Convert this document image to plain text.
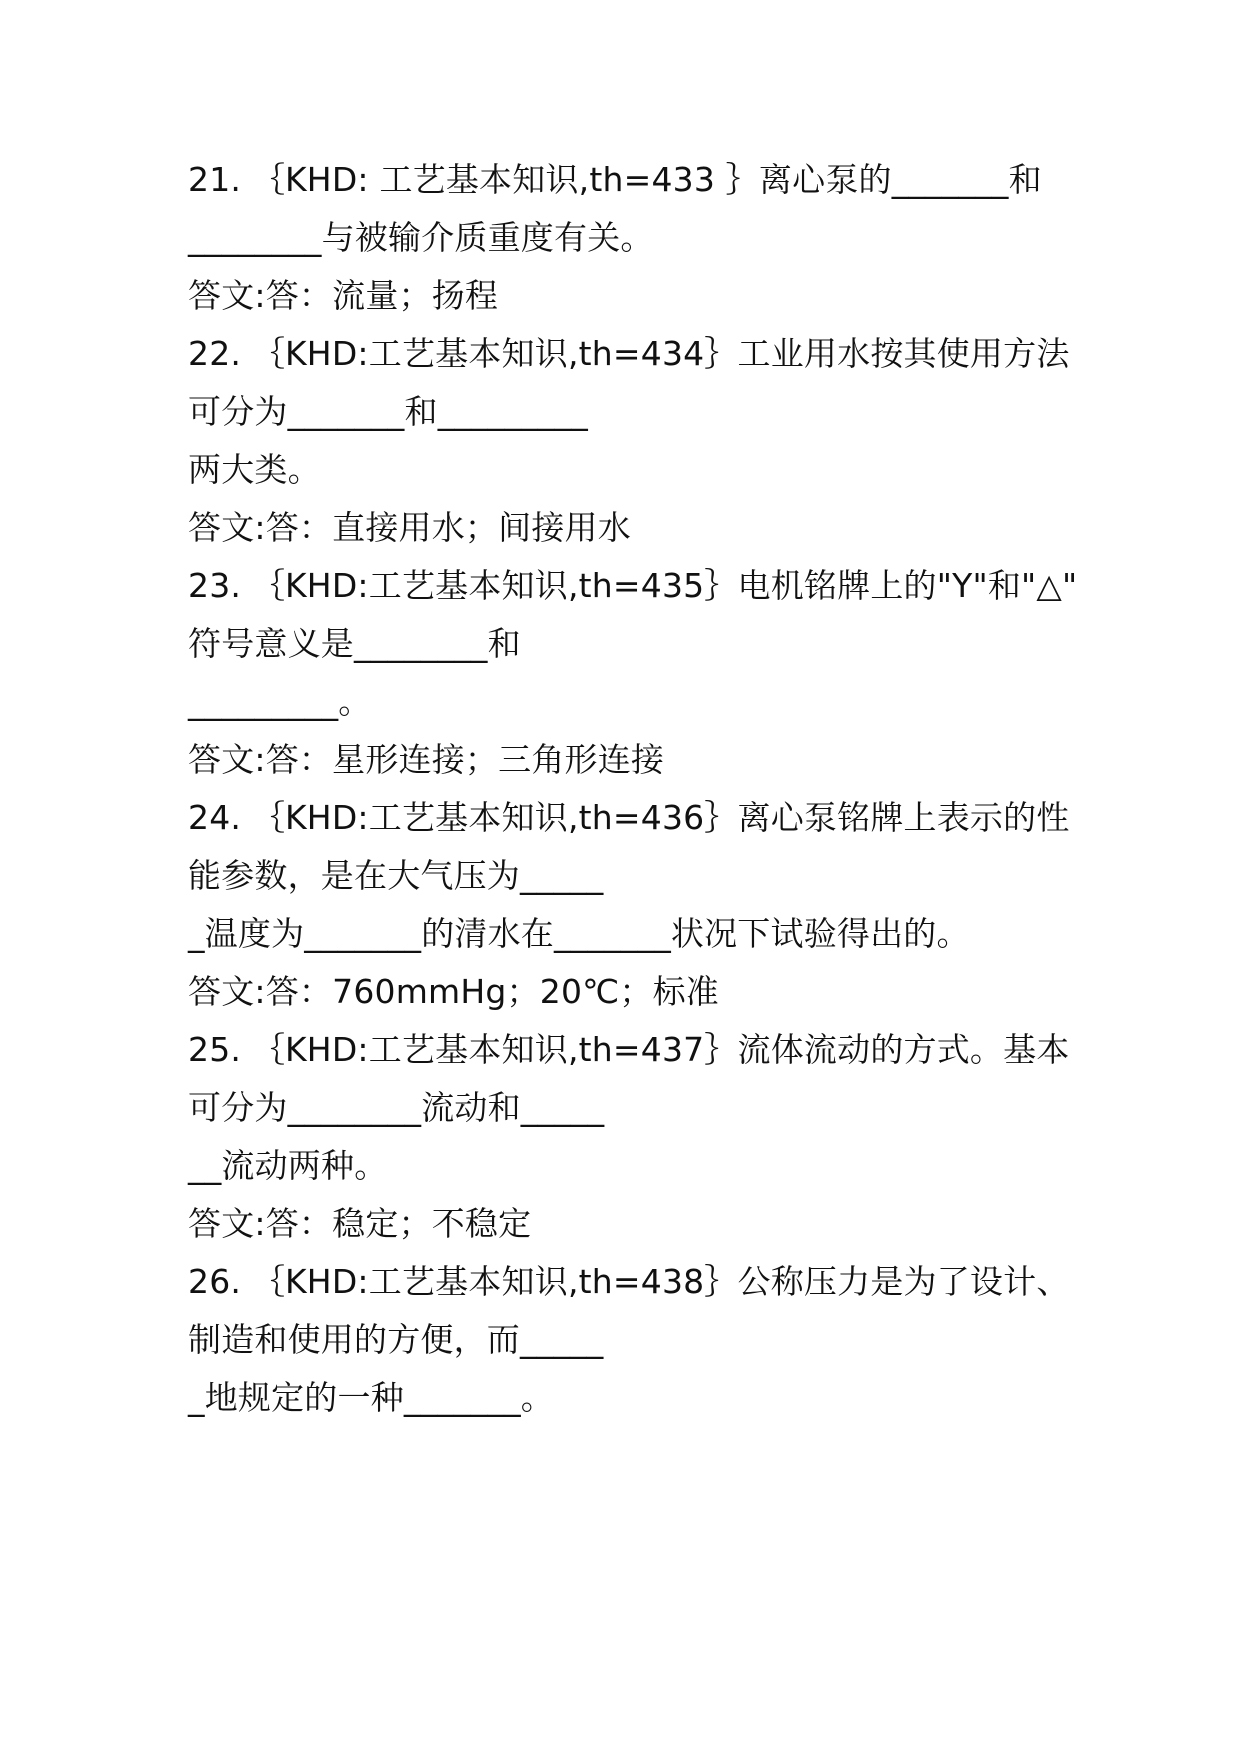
21. ｛KHD: 工艺基本知识,th=433 ｝离心泵的_______和
________与被输介质重度有关。
答文:答：流量；扬程
22. ｛KHD:工艺基本知识,th=434｝工业用水按其使用方法
可分为_______和_________
两大类。
答文:答：直接用水；间接用水
23. ｛KHD:工艺基本知识,th=435｝电机铭牌上的"Y"和"△"
符号意义是________和
_________。
答文:答：星形连接；三角形连接
24. ｛KHD:工艺基本知识,th=436｝离心泵铭牌上表示的性
能参数，是在大气压为_____
_温度为_______的清水在_______状况下试验得出的。
答文:答：760mmHg；20℃；标准
25. ｛KHD:工艺基本知识,th=437｝流体流动的方式。基本
可分为________流动和_____
__流动两种。
答文:答：稳定；不稳定
26. ｛KHD:工艺基本知识,th=438｝公称压力是为了设计、
制造和使用的方便，而_____
_地规定的一种_______。
